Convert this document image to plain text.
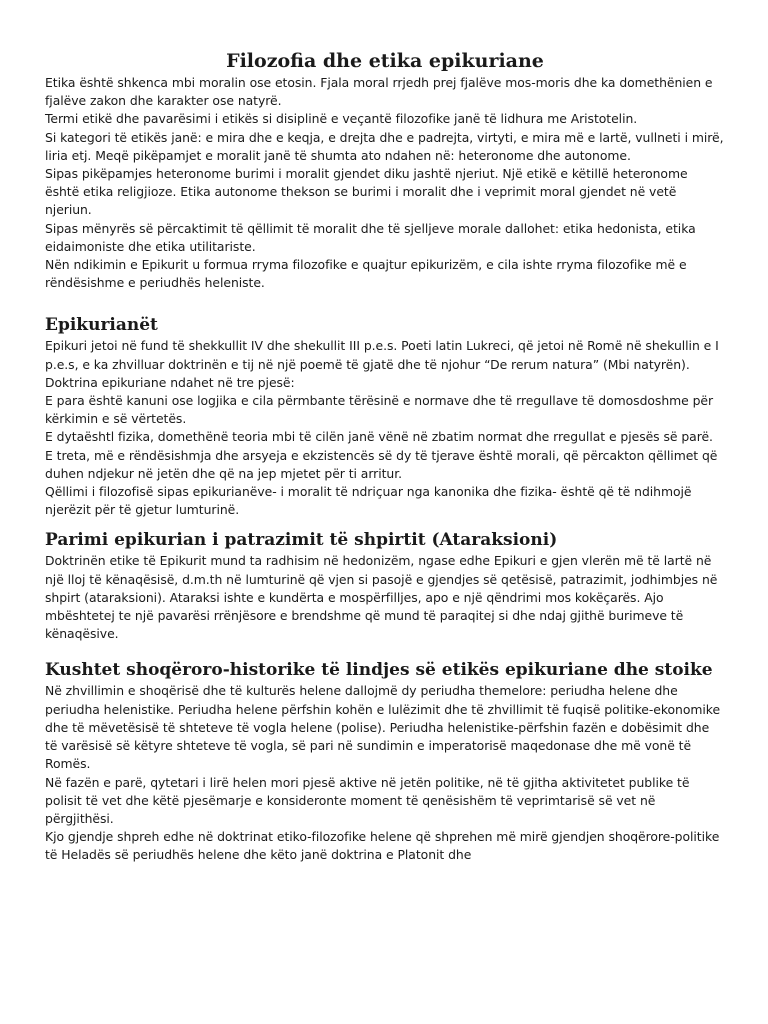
Filozofia dhe etika epikuriane

Etika është shkenca mbi moralin ose etosin. Fjala moral rrjedh prej fjalëve mos-moris dhe ka domethënien e fjalëve zakon dhe karakter ose natyrë.

Termi etikë dhe pavarësimi i etikës si disiplinë e veçantë filozofike janë të lidhura me Aristotelin.

Si kategori të etikës janë: e mira dhe e keqja, e drejta dhe e padrejta, virtyti, e mira më e lartë, vullneti i mirë, liria etj. Meqë pikëpamjet e moralit janë të shumta ato ndahen në: heteronome dhe autonome.

Sipas pikëpamjes heteronome burimi i moralit gjendet diku jashtë njeriut. Një etikë e këtillë heteronome është etika religjioze. Etika autonome thekson se burimi i moralit dhe i veprimit moral gjendet në vetë njeriun.

Sipas mënyrës së përcaktimit të qëllimit të moralit dhe të sjelljeve morale dallohet: etika hedonista, etika eidaimoniste dhe etika utilitariste.

Nën ndikimin e Epikurit u formua rryma filozofike e quajtur epikurizëm, e cila ishte rryma filozofike më e rëndësishme e periudhës heleniste.

Epikurianët

Epikuri jetoi në fund të shekkullit IV dhe shekullit III p.e.s. Poeti latin Lukreci, që jetoi në Romë në shekullin e I p.e.s, e ka zhvilluar doktrinën e tij në një poemë të gjatë dhe të njohur “De rerum natura” (Mbi natyrën).

Doktrina epikuriane ndahet në tre pjesë:

E para është kanuni ose logjika e cila përmbante tërësinë e normave dhe të rregullave të domosdoshme për kërkimin e së vërtetës.

E dytaështl fizika, domethënë teoria mbi të cilën janë vënë në zbatim normat dhe rregullat e pjesës së parë.

E treta, më e rëndësishmja dhe arsyeja e ekzistencës së dy të tjerave është morali, që përcakton qëllimet që duhen ndjekur në jetën dhe që na jep mjetet për ti arritur.

Qëllimi i filozofisë sipas epikurianëve- i moralit të ndriçuar nga kanonika dhe fizika- është që të ndihmojë njerëzit për të gjetur lumturinë.

Parimi epikurian i patrazimit të shpirtit (Ataraksioni)

Doktrinën etike të Epikurit mund ta radhisim në hedonizëm, ngase edhe Epikuri e gjen vlerën më të lartë në një lloj të kënaqësisë, d.m.th në lumturinë që vjen si pasojë e gjendjes së qetësisë, patrazimit, jodhimbjes në shpirt (ataraksioni). Ataraksi ishte e kundërta e mospërfilljes, apo e një qëndrimi mos kokëçarës. Ajo mbështetej te një pavarësi rrënjësore e brendshme që mund të paraqitej si dhe ndaj gjithë burimeve të kënaqësive.

Kushtet shoqëroro-historike të lindjes së etikës epikuriane dhe stoike

Në zhvillimin e shoqërisë dhe të kulturës helene dallojmë dy periudha themelore: periudha helene dhe periudha helenistike. Periudha helene përfshin kohën e lulëzimit dhe të zhvillimit të fuqisë politike-ekonomike dhe të mëvetësisë të shteteve të vogla helene (polise). Periudha helenistike-përfshin fazën e dobësimit dhe të varësisë së këtyre shteteve të vogla, së pari në sundimin e imperatorisë maqedonase dhe më vonë të Romës.

Në fazën e parë, qytetari i lirë helen mori pjesë aktive në jetën politike, në të gjitha aktivitetet publike të polisit të vet dhe këtë pjesëmarje e konsideronte moment të qenësishëm të veprimtarisë së vet në përgjithësi.

Kjo gjendje shpreh edhe në doktrinat etiko-filozofike helene që shprehen më mirë gjendjen shoqërore-politike të Heladës së periudhës helene dhe këto janë doktrina e Platonit dhe
